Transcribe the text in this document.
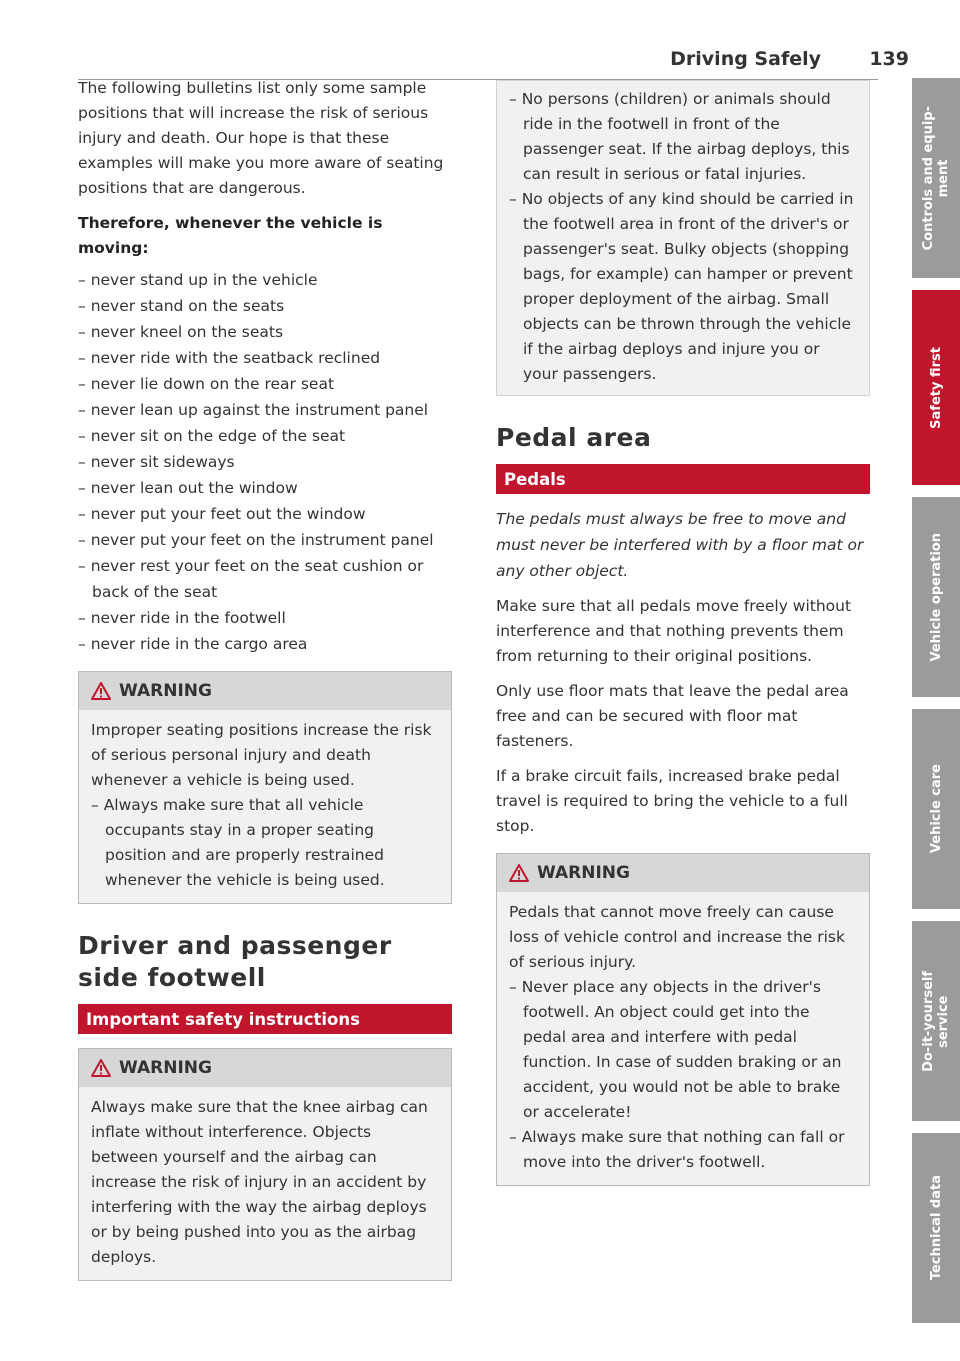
Driving Safely	139

The following bulletins list only some sample positions that will increase the risk of serious injury and death. Our hope is that these examples will make you more aware of seating positions that are dangerous.

Therefore, whenever the vehicle is moving:
– never stand up in the vehicle
– never stand on the seats
– never kneel on the seats
– never ride with the seatback reclined
– never lie down on the rear seat
– never lean up against the instrument panel
– never sit on the edge of the seat
– never sit sideways
– never lean out the window
– never put your feet out the window
– never put your feet on the instrument panel
– never rest your feet on the seat cushion or back of the seat
– never ride in the footwell
– never ride in the cargo area
WARNING

Improper seating positions increase the risk of serious personal injury and death whenever a vehicle is being used.

– Always make sure that all vehicle occupants stay in a proper seating position and are properly restrained whenever the vehicle is being used.
Driver and passenger side footwell
Important safety instructions
WARNING

Always make sure that the knee airbag can inflate without interference. Objects between yourself and the airbag can increase the risk of injury in an accident by interfering with the way the airbag deploys or by being pushed into you as the airbag deploys.

– No persons (children) or animals should ride in the footwell in front of the passenger seat. If the airbag deploys, this can result in serious or fatal injuries.
– No objects of any kind should be carried in the footwell area in front of the driver's or passenger's seat. Bulky objects (shopping bags, for example) can hamper or prevent proper deployment of the airbag. Small objects can be thrown through the vehicle if the airbag deploys and injure you or your passengers.
Pedal area
Pedals

The pedals must always be free to move and must never be interfered with by a floor mat or any other object.

Make sure that all pedals move freely without interference and that nothing prevents them from returning to their original positions.

Only use floor mats that leave the pedal area free and can be secured with floor mat fasteners.

If a brake circuit fails, increased brake pedal travel is required to bring the vehicle to a full stop.

WARNING

Pedals that cannot move freely can cause loss of vehicle control and increase the risk of serious injury.

– Never place any objects in the driver's footwell. An object could get into the pedal area and interfere with pedal function. In case of sudden braking or an accident, you would not be able to brake or accelerate!
– Always make sure that nothing can fall or move into the driver's footwell.
Controls and equip-
ment
Safety first
Vehicle operation
Vehicle care
Do-it-yourself
service
Technical data
